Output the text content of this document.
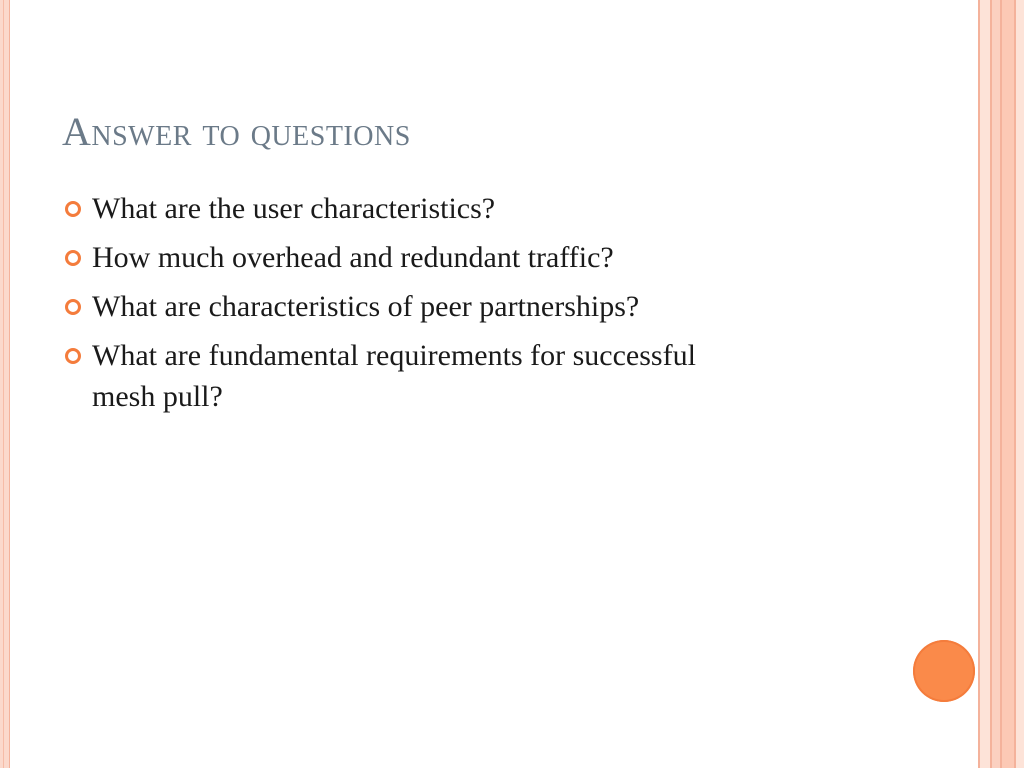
Answer to questions
What are the user characteristics?
How much overhead and redundant traffic?
What are characteristics of peer partnerships?
What are fundamental requirements for successful mesh pull?
